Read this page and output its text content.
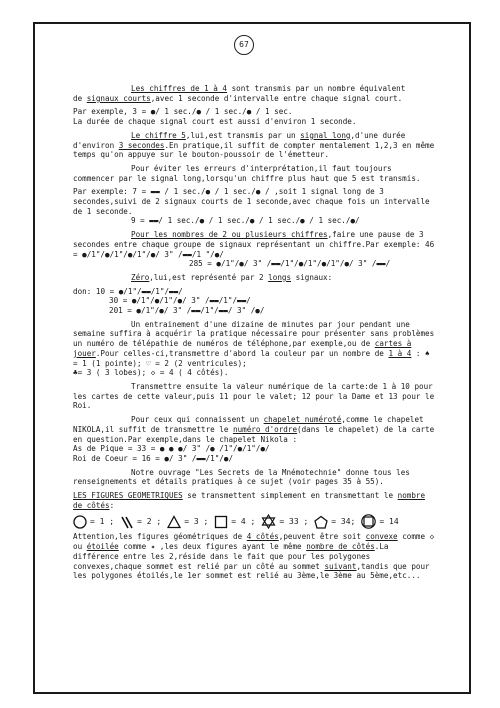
67

Les chiffres de 1 à 4 sont transmis par un nombre équivalent
de signaux courts,avec 1 seconde d'intervalle entre chaque signal court.

Par exemple, 3 = ●/ 1 sec./● / 1 sec./● / 1 sec.
La durée de chaque signal court est aussi d'environ 1 seconde.

Le chiffre 5,lui,est transmis par un signal long,d'une durée d'environ 3 secondes.En pratique,il suffit de compter mentalement 1,2,3 en même temps qu'on appuye sur le bouton-poussoir de l'émetteur.

Pour éviter les erreurs d'interprétation,il faut toujours commencer par le signal long,lorsqu'un chiffre plus haut que 5 est transmis.

Par exemple: 7 = ▬▬ / 1 sec./● / 1 sec./● / ,soit 1 signal long de 3 secondes,suivi de 2 signaux courts de 1 seconde,avec chaque fois un intervalle de 1 seconde.
9 = ▬▬/ 1 sec./● / 1 sec./● / 1 sec./● / 1 sec./●/

Pour les nombres de 2 ou plusieurs chiffres,faire une pause de 3 secondes entre chaque groupe de signaux représentant un chiffre.Par exemple: 46 = ●/1"/●/1"/●/1"/●/ 3" /▬▬/1 "/●/
285 = ●/1"/●/ 3" /▬▬/1"/●/1"/●/1"/●/ 3" /▬▬/

Zéro,lui,est représenté par 2 longs signaux:

don: 10 = ●/1"/▬▬/1"/▬▬/
30 = ●/1"/●/1"/●/ 3" /▬▬/1"/▬▬/
201 = ●/1"/●/ 3" /▬▬/1"/▬▬/ 3" /●/

Un entrainement d'une dizaine de minutes par jour pendant une semaine suffira à acquérir la pratique nécessaire pour présenter sans problèmes un numéro de télépathie de numéros de téléphone,par exemple,ou de cartes à jouer.Pour celles-ci,transmettre d'abord la couleur par un nombre de 1 à 4 : ♠ = 1 (1 pointe); ♡ = 2 (2 ventricules);
♣= 3 ( 3 lobes); ◇ = 4 ( 4 côtés).

Transmettre ensuite la valeur numérique de la carte:de 1 à 10 pour les cartes de cette valeur,puis 11 pour le valet; 12 pour la Dame et 13 pour le Roi.

Pour ceux qui connaissent un chapelet numéroté,comme le chapelet NIKOLA,il suffit de transmettre le numéro d'ordre(dans le chapelet) de la carte en question.Par exemple,dans le chapelet Nikola :
As de Pique = 33 = ● ● ●/ 3" /● /1"/●/1"/●/
Roi de Coeur = 16 = ●/ 3" /▬▬/1"/●/

Notre ouvrage "Les Secrets de la Mnémotechnie" donne tous les renseignements et détails pratiques à ce sujet (voir pages 35 à 55).

LES FIGURES GEOMETRIQUES se transmettent simplement en transmettant le nombre de côtés:

= 1 ;	= 2 ;	= 3 ;	= 4 ;	= 33 ;	= 34;	= 14

Attention,les figures géométriques de 4 côtés,peuvent être soit convexe comme ◇ ou étoilée comme ✦ ,les deux figures ayant le même nombre de côtés.La différence entre les 2,réside dans le fait que pour les polygones convexes,chaque sommet est relié par un côté au sommet suivant,tandis que pour les polygones étoilés,le 1er sommet est relié au 3ème,le 3ème au 5ème,etc...
